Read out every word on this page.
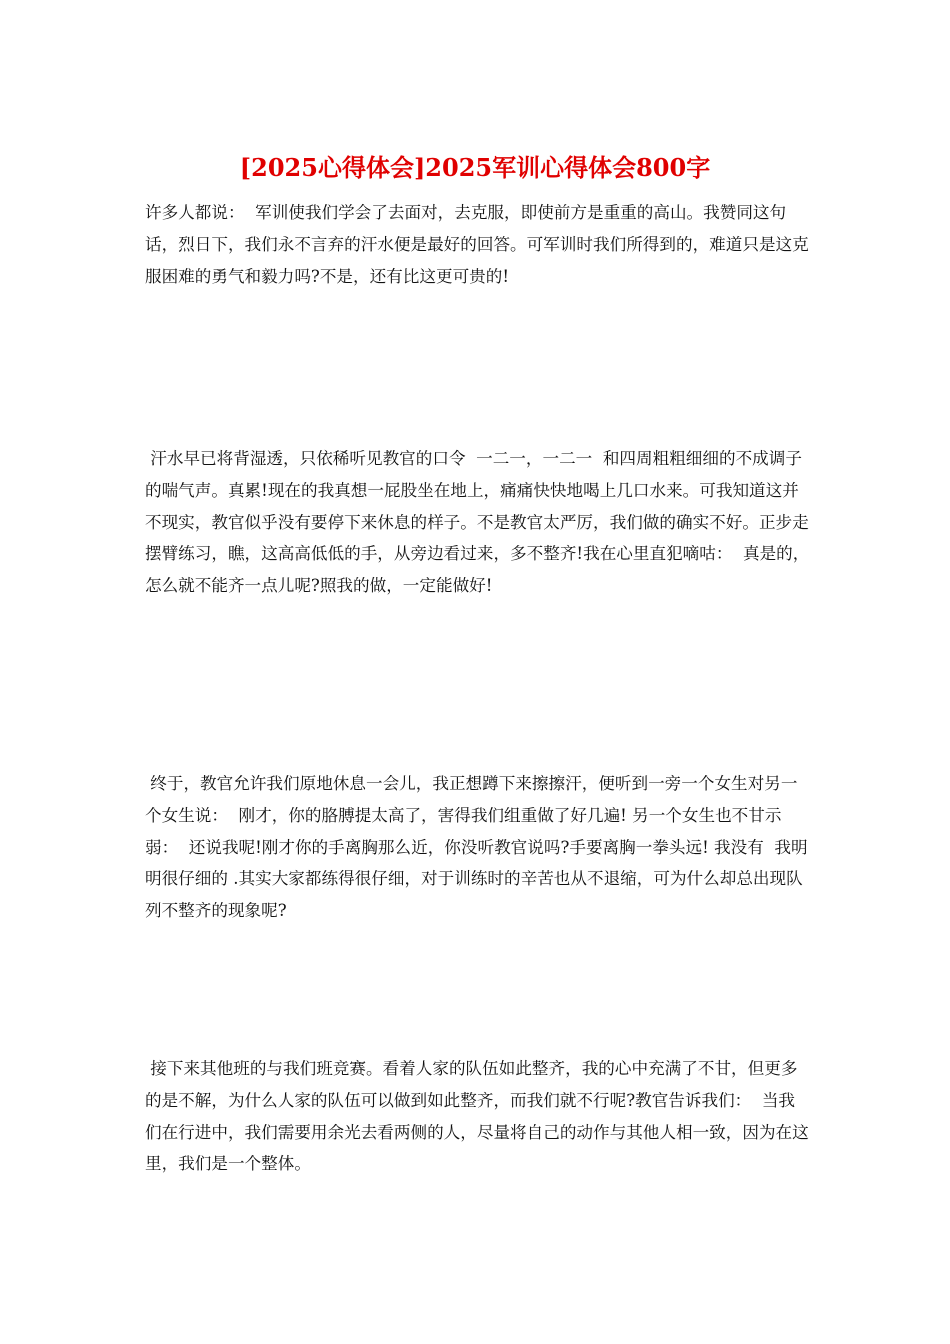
[2025心得体会]2025军训心得体会800字

许多人都说：  军训使我们学会了去面对，去克服，即使前方是重重的高山。我赞同这句话，烈日下，我们永不言弃的汗水便是最好的回答。可军训时我们所得到的，难道只是这克服困难的勇气和毅力吗?不是，还有比这更可贵的!

汗水早已将背湿透，只依稀听见教官的口令  一二一，一二一  和四周粗粗细细的不成调子的喘气声。真累!现在的我真想一屁股坐在地上，痛痛快快地喝上几口水来。可我知道这并不现实，教官似乎没有要停下来休息的样子。不是教官太严厉，我们做的确实不好。正步走摆臂练习，瞧，这高高低低的手，从旁边看过来，多不整齐!我在心里直犯嘀咕：  真是的，怎么就不能齐一点儿呢?照我的做，一定能做好!

终于，教官允许我们原地休息一会儿，我正想蹲下来擦擦汗，便听到一旁一个女生对另一个女生说：  刚才，你的胳膊提太高了，害得我们组重做了好几遍! 另一个女生也不甘示弱：  还说我呢!刚才你的手离胸那么近，你没听教官说吗?手要离胸一拳头远! 我没有  我明明很仔细的 .其实大家都练得很仔细，对于训练时的辛苦也从不退缩，可为什么却总出现队列不整齐的现象呢?

接下来其他班的与我们班竞赛。看着人家的队伍如此整齐，我的心中充满了不甘，但更多的是不解，为什么人家的队伍可以做到如此整齐，而我们就不行呢?教官告诉我们：  当我们在行进中，我们需要用余光去看两侧的人，尽量将自己的动作与其他人相一致，因为在这里，我们是一个整体。
